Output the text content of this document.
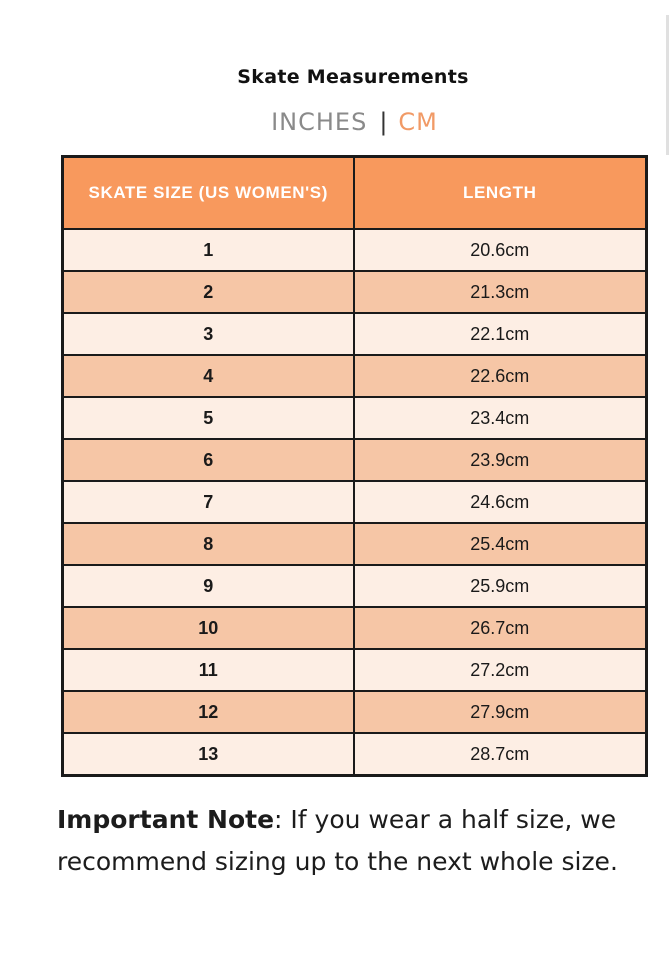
Skate Measurements
INCHES | CM
SKATE SIZE (US WOMEN'S)	LENGTH
1	20.6cm
2	21.3cm
3	22.1cm
4	22.6cm
5	23.4cm
6	23.9cm
7	24.6cm
8	25.4cm
9	25.9cm
10	26.7cm
11	27.2cm
12	27.9cm
13	28.7cm
Important Note: If you wear a half size, we recommend sizing up to the next whole size.
